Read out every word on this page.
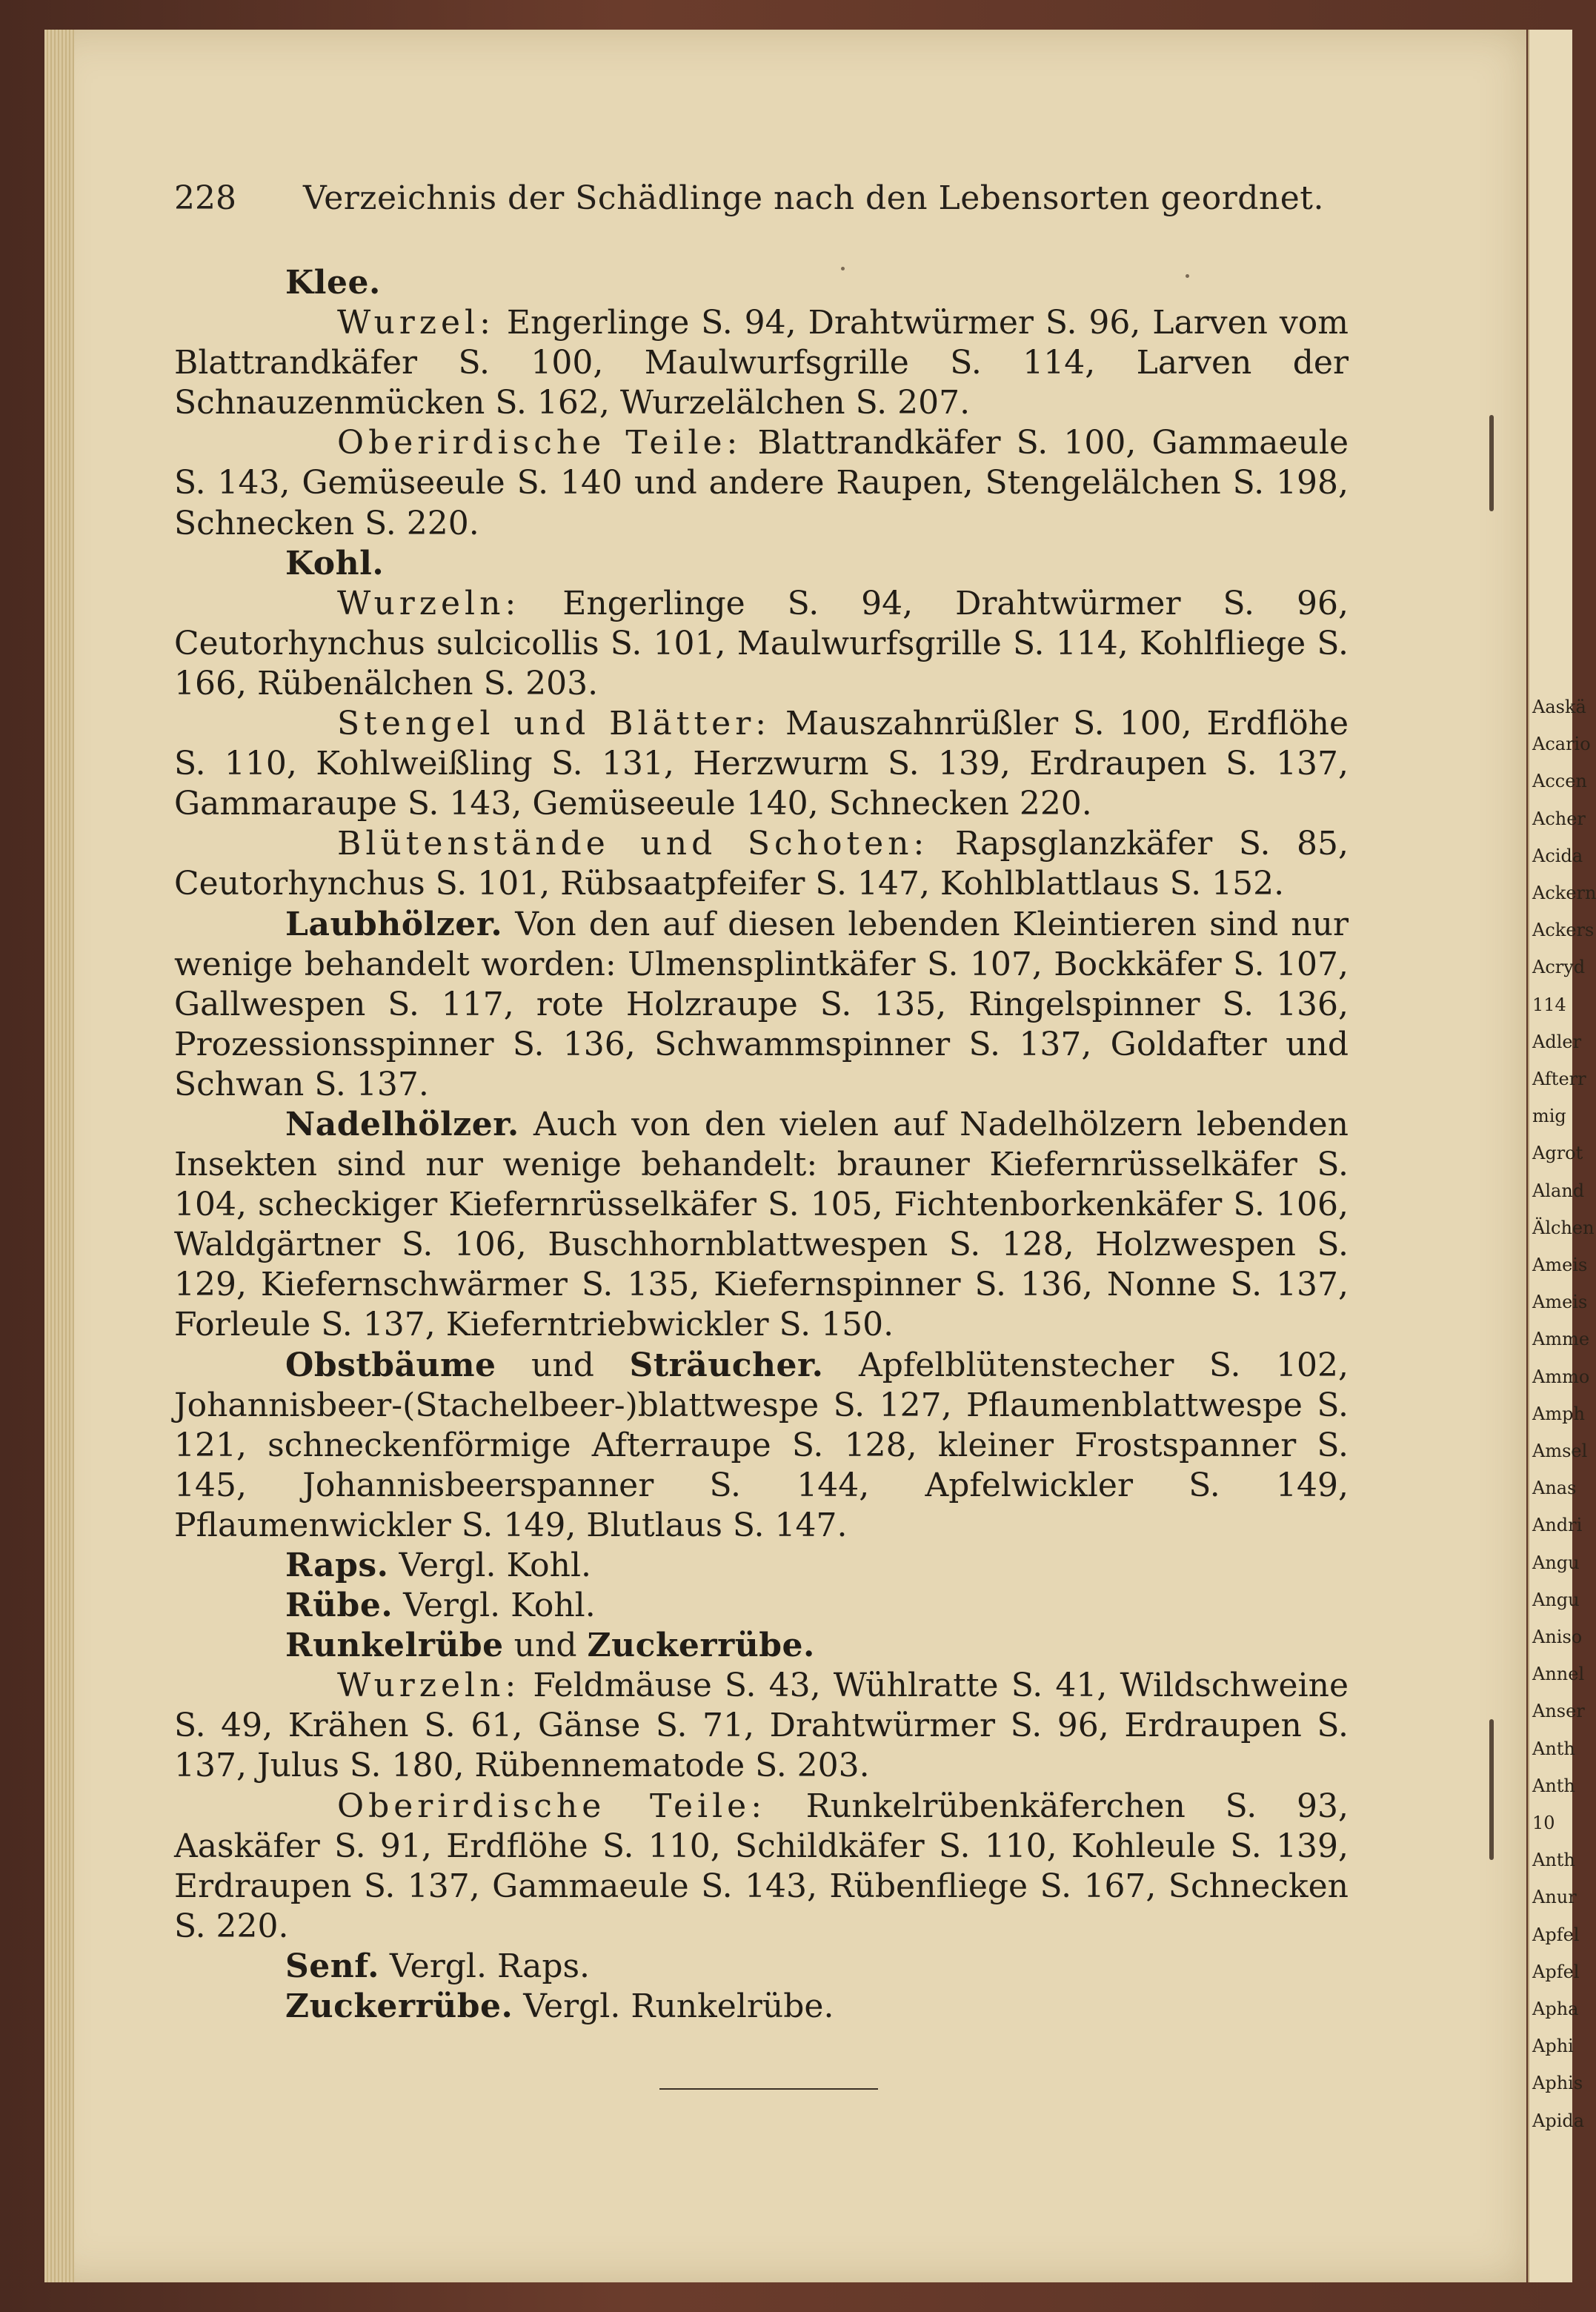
Aaskä
Acario
Accen
Acher
Acida
Ackern
Ackers
Acryd
114
Adler
Afterr
mig
Agrot
Aland
Älchen
Ameis
Ameis
Amme
Ammo
Amph
Amsel
Anas
Andri
Angu
Angu
Aniso
Annel
Anser
Anth
Anth
10
Anth
Anur
Apfel
Apfel
Apha
Aphi
Aphis
Apida
228 Verzeichnis der Schädlinge nach den Lebensorten geordnet.

Klee.

Wurzel: Engerlinge S. 94, Drahtwürmer S. 96, Larven vom Blattrandkäfer S. 100, Maulwurfsgrille S. 114, Larven der Schnauzenmücken S. 162, Wurzelälchen S. 207.

Oberirdische Teile: Blattrandkäfer S. 100, Gammaeule S. 143, Gemüseeule S. 140 und andere Raupen, Stengelälchen S. 198, Schnecken S. 220.

Kohl.

Wurzeln: Engerlinge S. 94, Drahtwürmer S. 96, Ceutorhynchus sulcicollis S. 101, Maulwurfsgrille S. 114, Kohlfliege S. 166, Rübenälchen S. 203.

Stengel und Blätter: Mauszahnrüßler S. 100, Erdflöhe S. 110, Kohlweißling S. 131, Herzwurm S. 139, Erdraupen S. 137, Gammaraupe S. 143, Gemüseeule 140, Schnecken 220.

Blütenstände und Schoten: Rapsglanzkäfer S. 85, Ceutorhynchus S. 101, Rübsaatpfeifer S. 147, Kohlblattlaus S. 152.

Laubhölzer. Von den auf diesen lebenden Kleintieren sind nur wenige behandelt worden: Ulmensplintkäfer S. 107, Bockkäfer S. 107, Gallwespen S. 117, rote Holzraupe S. 135, Ringelspinner S. 136, Prozessionsspinner S. 136, Schwammspinner S. 137, Goldafter und Schwan S. 137.

Nadelhölzer. Auch von den vielen auf Nadelhölzern lebenden Insekten sind nur wenige behandelt: brauner Kiefernrüsselkäfer S. 104, scheckiger Kiefernrüsselkäfer S. 105, Fichtenborkenkäfer S. 106, Waldgärtner S. 106, Buschhornblattwespen S. 128, Holzwespen S. 129, Kiefernschwärmer S. 135, Kiefernspinner S. 136, Nonne S. 137, Forleule S. 137, Kieferntriebwickler S. 150.

Obstbäume und Sträucher. Apfelblütenstecher S. 102, Johannisbeer-(Stachelbeer-)blattwespe S. 127, Pflaumenblattwespe S. 121, schneckenförmige Afterraupe S. 128, kleiner Frostspanner S. 145, Johannisbeerspanner S. 144, Apfelwickler S. 149, Pflaumenwickler S. 149, Blutlaus S. 147.

Raps. Vergl. Kohl.

Rübe. Vergl. Kohl.

Runkelrübe und Zuckerrübe.

Wurzeln: Feldmäuse S. 43, Wühlratte S. 41, Wildschweine S. 49, Krähen S. 61, Gänse S. 71, Drahtwürmer S. 96, Erdraupen S. 137, Julus S. 180, Rübennematode S. 203.

Oberirdische Teile: Runkelrübenkäferchen S. 93, Aaskäfer S. 91, Erdflöhe S. 110, Schildkäfer S. 110, Kohleule S. 139, Erdraupen S. 137, Gammaeule S. 143, Rübenfliege S. 167, Schnecken S. 220.

Senf. Vergl. Raps.

Zuckerrübe. Vergl. Runkelrübe.
